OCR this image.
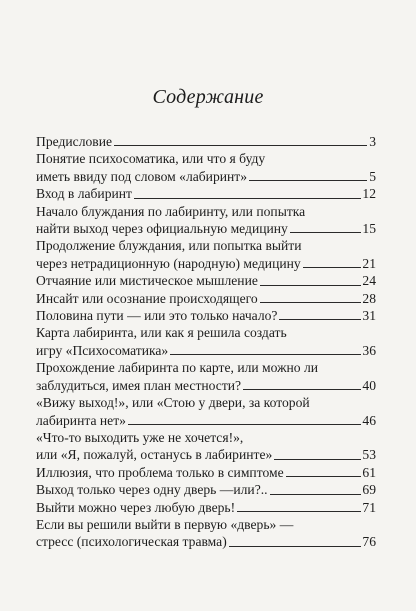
Содержание
Предисловие	3
Понятие психосоматика, или что я буду
иметь ввиду под словом «лабиринт»	5
Вход в лабиринт	12
Начало блуждания по лабиринту, или попытка
найти выход через официальную медицину	15
Продолжение блуждания, или попытка выйти
через нетрадиционную (народную) медицину	21
Отчаяние или мистическое мышление	24
Инсайт или осознание происходящего	28
Половина пути — или это только начало?	31
Карта лабиринта, или как я решила создать
игру «Психосоматика»	36
Прохождение лабиринта по карте, или можно ли
заблудиться, имея план местности?	40
«Вижу выход!», или «Стою у двери, за которой
лабиринта нет»	46
«Что-то выходить уже не хочется!»,
или «Я, пожалуй, останусь в лабиринте»	53
Иллюзия, что проблема только в симптоме	61
Выход только через одну дверь —или?..	69
Выйти можно через любую дверь!	71
Если вы решили выйти в первую «дверь» —
стресс (психологическая травма)	76
